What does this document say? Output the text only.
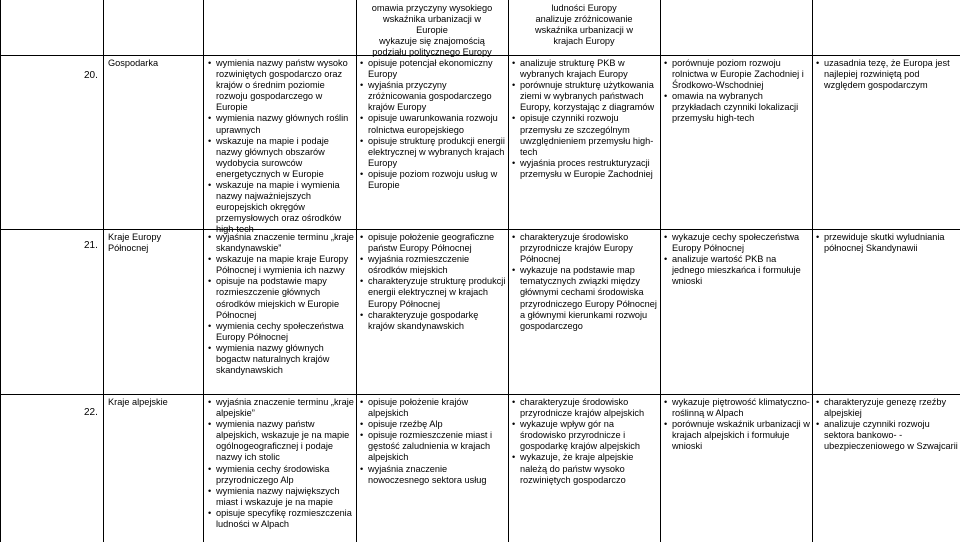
omawia przyczyny wysokiego
wskaźnika urbanizacji w
Europie
wykazuje się znajomością
podziału politycznego Europy
ludności Europy
analizuje zróżnicowanie
wskaźnika urbanizacji w
krajach Europy
20.
Gospodarka	• wymienia nazwy państw wysoko rozwiniętych gospodarczo oraz krajów o średnim poziomie rozwoju gospodarczego w Europie
• wymienia nazwy głównych roślin uprawnych
• wskazuje na mapie i podaje nazwy głównych obszarów wydobycia surowców energetycznych w Europie
• wskazuje na mapie i wymienia nazwy najważniejszych europejskich okręgów przemysłowych oraz ośrodków high-tech
• opisuje potencjał ekonomiczny Europy
• wyjaśnia przyczyny zróżnicowania gospodarczego krajów Europy
• opisuje uwarunkowania rozwoju rolnictwa europejskiego
• opisuje strukturę produkcji energii elektrycznej w wybranych krajach Europy
• opisuje poziom rozwoju usług w Europie
• analizuje strukturę PKB w wybranych krajach Europy
• porównuje strukturę użytkowania ziemi w wybranych państwach Europy, korzystając z diagramów
• opisuje czynniki rozwoju przemysłu ze szczególnym uwzględnieniem przemysłu high-tech
• wyjaśnia proces restrukturyzacji przemysłu w Europie Zachodniej
• porównuje poziom rozwoju rolnictwa w Europie Zachodniej i Środkowo-Wschodniej
• omawia na wybranych przykładach czynniki lokalizacji przemysłu high-tech
• uzasadnia tezę, że Europa jest najlepiej rozwiniętą pod względem gospodarczym
21.
Kraje Europy Północnej
• wyjaśnia znaczenie terminu „kraje skandynawskie”
• wskazuje na mapie kraje Europy Północnej i wymienia ich nazwy
• opisuje na podstawie mapy rozmieszczenie głównych ośrodków miejskich w Europie Północnej
• wymienia cechy społeczeństwa Europy Północnej
• wymienia nazwy głównych bogactw naturalnych krajów skandynawskich
• opisuje położenie geograficzne państw Europy Północnej
• wyjaśnia rozmieszczenie ośrodków miejskich
• charakteryzuje strukturę produkcji energii elektrycznej w krajach Europy Północnej
• charakteryzuje gospodarkę krajów skandynawskich
• charakteryzuje środowisko przyrodnicze krajów Europy Północnej
• wykazuje na podstawie map tematycznych związki między głównymi cechami środowiska przyrodniczego Europy Północnej a głównymi kierunkami rozwoju gospodarczego
• wykazuje cechy społeczeństwa Europy Północnej
• analizuje wartość PKB na jednego mieszkańca i formułuje wnioski
• przewiduje skutki wyludniania północnej Skandynawii
22.
Kraje alpejskie	• wyjaśnia znaczenie terminu „kraje alpejskie”
• wymienia nazwy państw alpejskich, wskazuje je na mapie ogólnogeograficznej i podaje nazwy ich stolic
• wymienia cechy środowiska przyrodniczego Alp
• wymienia nazwy największych miast i wskazuje je na mapie
• opisuje specyfikę rozmieszczenia ludności w Alpach
• opisuje położenie krajów alpejskich
• opisuje rzeźbę Alp
• opisuje rozmieszczenie miast i gęstość zaludnienia w krajach alpejskich
• wyjaśnia znaczenie nowoczesnego sektora usług
• charakteryzuje środowisko przyrodnicze krajów alpejskich
• wykazuje wpływ gór na środowisko przyrodnicze i gospodarkę krajów alpejskich
• wykazuje, że kraje alpejskie należą do państw wysoko rozwiniętych gospodarczo
• wykazuje piętrowość klimatyczno-roślinną w Alpach
• porównuje wskaźnik urbanizacji w krajach alpejskich i formułuje wnioski
• charakteryzuje genezę rzeźby alpejskiej
• analizuje czynniki rozwoju sektora bankowo- -ubezpieczeniowego w Szwajcarii
